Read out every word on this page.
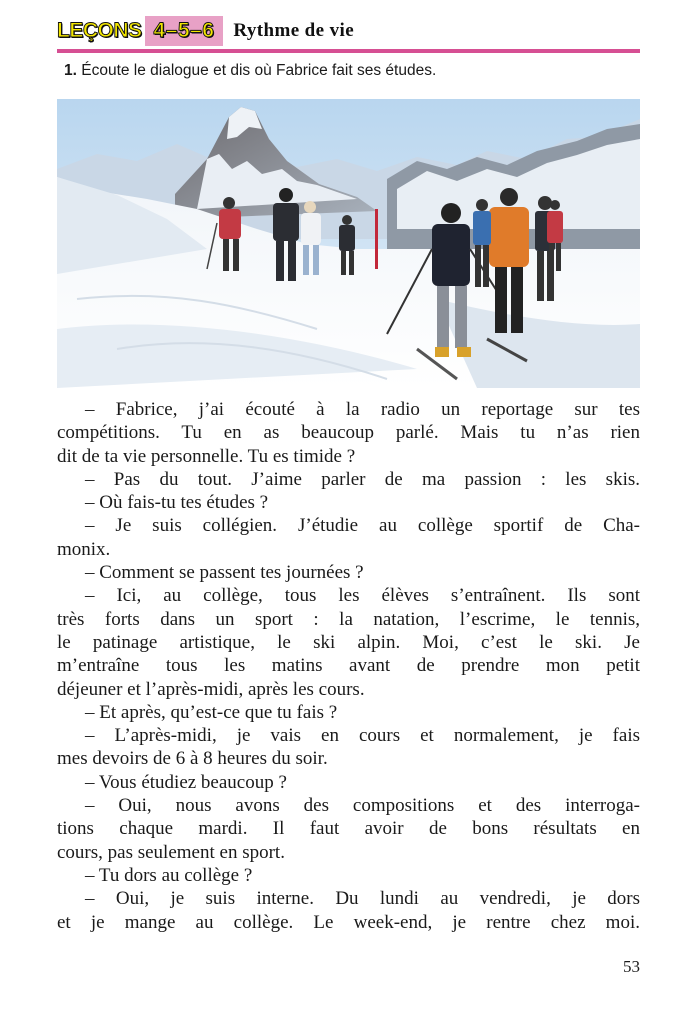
LEÇONS 4–5–6	Rythme de vie
1. Écoute le dialogue et dis où Fabrice fait ses études.
– Fabrice, j’ai écouté à la radio un reportage sur tes
compétitions. Tu en as beaucoup parlé. Mais tu n’as rien
dit de ta vie personnelle. Tu es timide ?
– Pas du tout. J’aime parler de ma passion : les skis.
– Où fais-tu tes études ?
– Je suis collégien. J’étudie au collège sportif de Cha-
monix.
– Comment se passent tes journées ?
– Ici, au collège, tous les élèves s’entraînent. Ils sont
très forts dans un sport : la natation, l’escrime, le tennis,
le patinage artistique, le ski alpin. Moi, c’est le ski. Je
m’entraîne tous les matins avant de prendre mon petit
déjeuner et l’après-midi, après les cours.
– Et après, qu’est-ce que tu fais ?
– L’après-midi, je vais en cours et normalement, je fais
mes devoirs de 6 à 8 heures du soir.
– Vous étudiez beaucoup ?
– Oui, nous avons des compositions et des interroga-
tions chaque mardi. Il faut avoir de bons résultats en
cours, pas seulement en sport.
– Tu dors au collège ?
– Oui, je suis interne. Du lundi au vendredi, je dors
et je mange au collège. Le week-end, je rentre chez moi.
53
